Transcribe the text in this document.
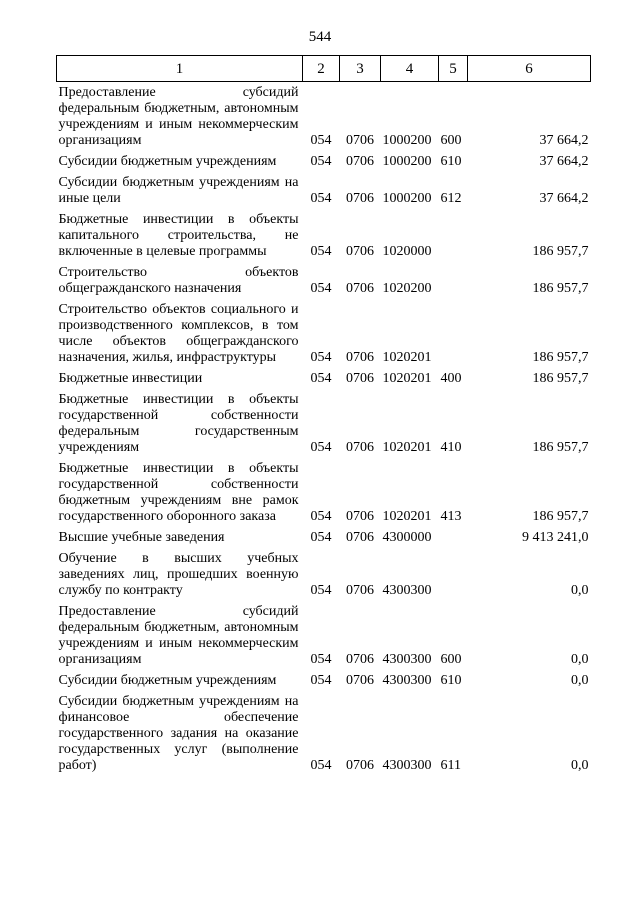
544
1	2	3	4	5	6
Предоставление субсидий федеральным бюджетным, автономным учреждениям и иным некоммерческим организациям	054	0706	1000200	600	37 664,2
Субсидии бюджетным учреждениям	054	0706	1000200	610	37 664,2
Субсидии бюджетным учреждениям на иные цели	054	0706	1000200	612	37 664,2
Бюджетные инвестиции в объекты капитального строительства, не включенные в целевые программы	054	0706	1020000		186 957,7
Строительство объектов общегражданского назначения	054	0706	1020200		186 957,7
Строительство объектов социального и производственного комплексов, в том числе объектов общегражданского назначения, жилья, инфраструктуры	054	0706	1020201		186 957,7
Бюджетные инвестиции	054	0706	1020201	400	186 957,7
Бюджетные инвестиции в объекты государственной собственности федеральным государственным учреждениям	054	0706	1020201	410	186 957,7
Бюджетные инвестиции в объекты государственной собственности бюджетным учреждениям вне рамок государственного оборонного заказа	054	0706	1020201	413	186 957,7
Высшие учебные заведения	054	0706	4300000		9 413 241,0
Обучение в высших учебных заведениях лиц, прошедших военную службу по контракту	054	0706	4300300		0,0
Предоставление субсидий федеральным бюджетным, автономным учреждениям и иным некоммерческим организациям	054	0706	4300300	600	0,0
Субсидии бюджетным учреждениям	054	0706	4300300	610	0,0
Субсидии бюджетным учреждениям на финансовое обеспечение государственного задания на оказание государственных услуг (выполнение работ)	054	0706	4300300	611	0,0
